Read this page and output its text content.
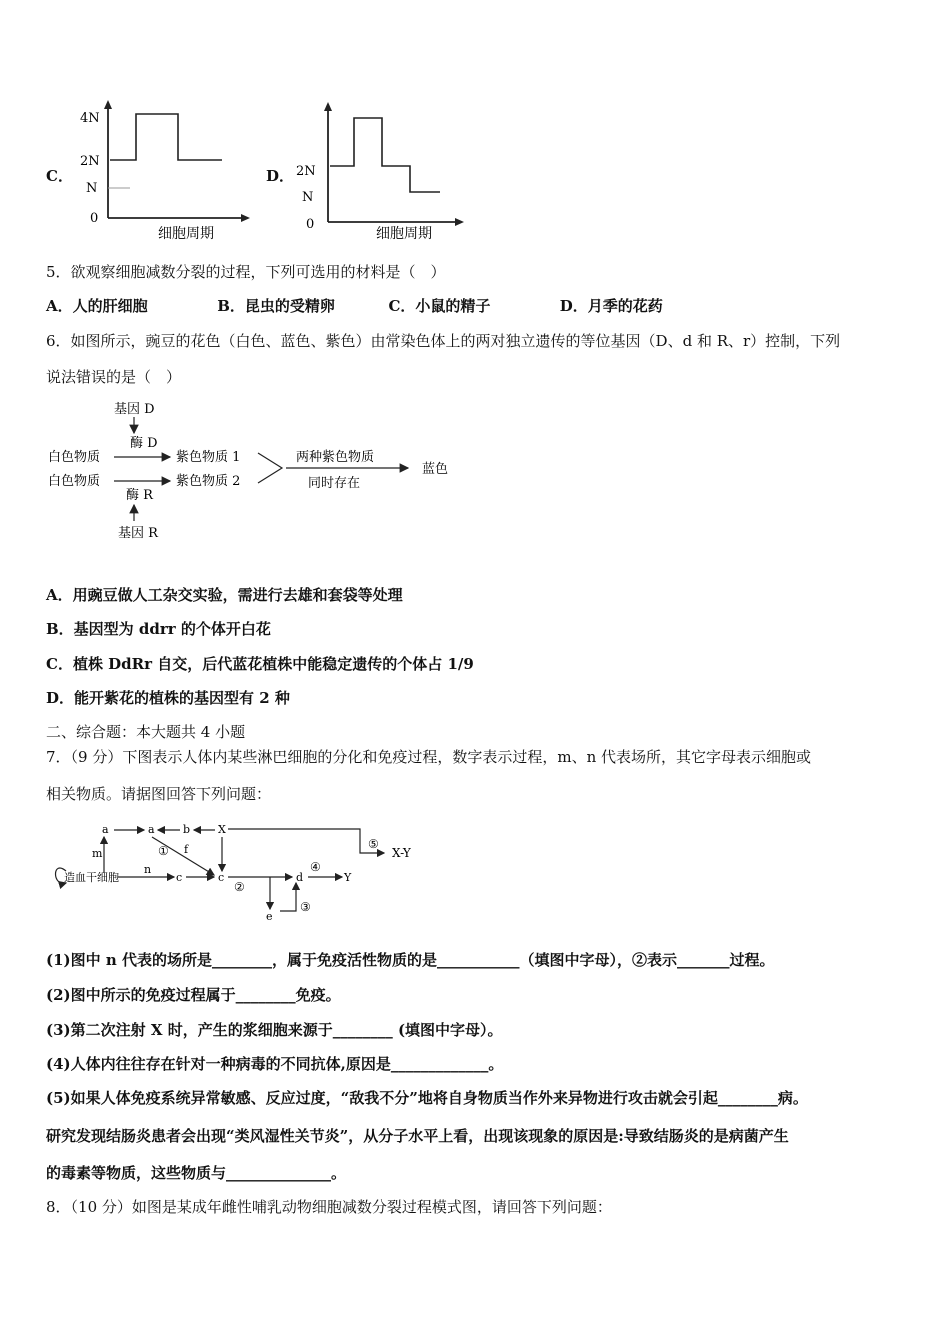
C．
4N
2N
N
0
细胞周期
D． 2N
N
0
细胞周期
5．欲观察细胞减数分裂的过程，下列可选用的材料是（　）
A．人的肝细胞	B．昆虫的受精卵	C．小鼠的精子	D．月季的花药
6．如图所示，豌豆的花色（白色、蓝色、紫色）由常染色体上的两对独立遗传的等位基因（D、d 和 R、r）控制，下列
说法错误的是（　）
基因 D
酶 D
白色物质	紫色物质 1
白色物质	紫色物质 2
两种紫色物质
同时存在
蓝色
酶 R
基因 R
A．用豌豆做人工杂交实验，需进行去雄和套袋等处理
B．基因型为 ddrr 的个体开白花
C．植株 DdRr 自交，后代蓝花植株中能稳定遗传的个体占 1/9
D．能开紫花的植株的基因型有 2 种
二、综合题：本大题共 4 小题
7．（9 分）下图表示人体内某些淋巴细胞的分化和免疫过程，数字表示过程，m、n 代表场所，其它字母表示细胞或
相关物质。请据图回答下列问题：
造血干细胞
m
a	a	b	X
⑤
X-Y
f
①
n
c	c
②
d
④
Y
e
③
(1)图中 n 代表的场所是________，属于免疫活性物质的是___________（填图中字母），②表示_______过程。
(2)图中所示的免疫过程属于________免疫。
(3)第二次注射 X 时，产生的浆细胞来源于________ (填图中字母）。
(4)人体内往往存在针对一种病毒的不同抗体,原因是_____________。
(5)如果人体免疫系统异常敏感、反应过度，“敌我不分”地将自身物质当作外来异物进行攻击就会引起________病。
研究发现结肠炎患者会出现“类风湿性关节炎”，从分子水平上看，出现该现象的原因是:导致结肠炎的是病菌产生
的毒素等物质，这些物质与______________。
8．（10 分）如图是某成年雌性哺乳动物细胞减数分裂过程模式图，请回答下列问题：
